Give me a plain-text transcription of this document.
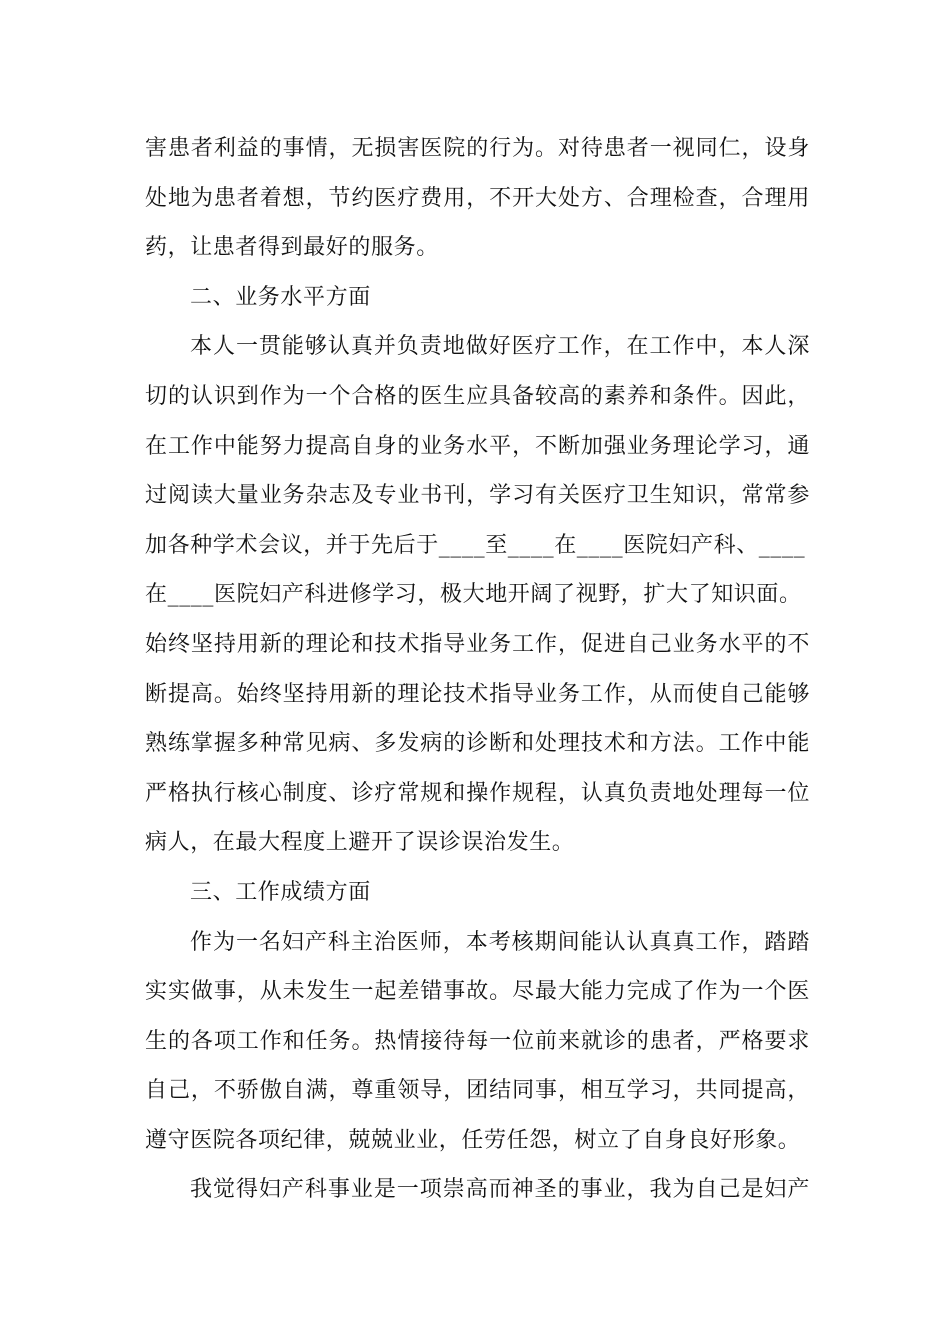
害患者利益的事情，无损害医院的行为。对待患者一视同仁，设身
处地为患者着想，节约医疗费用，不开大处方、合理检查，合理用
药，让患者得到最好的服务。
二、业务水平方面
本人一贯能够认真并负责地做好医疗工作，在工作中，本人深
切的认识到作为一个合格的医生应具备较高的素养和条件。因此，
在工作中能努力提高自身的业务水平，不断加强业务理论学习，通
过阅读大量业务杂志及专业书刊，学习有关医疗卫生知识，常常参
加各种学术会议，并于先后于____至____在____医院妇产科、____
在____医院妇产科进修学习，极大地开阔了视野，扩大了知识面。
始终坚持用新的理论和技术指导业务工作，促进自己业务水平的不
断提高。始终坚持用新的理论技术指导业务工作，从而使自己能够
熟练掌握多种常见病、多发病的诊断和处理技术和方法。工作中能
严格执行核心制度、诊疗常规和操作规程，认真负责地处理每一位
病人，在最大程度上避开了误诊误治发生。
三、工作成绩方面
作为一名妇产科主治医师，本考核期间能认认真真工作，踏踏
实实做事，从未发生一起差错事故。尽最大能力完成了作为一个医
生的各项工作和任务。热情接待每一位前来就诊的患者，严格要求
自己，不骄傲自满，尊重领导，团结同事，相互学习，共同提高，
遵守医院各项纪律，兢兢业业，任劳任怨，树立了自身良好形象。
我觉得妇产科事业是一项崇高而神圣的事业，我为自己是妇产
